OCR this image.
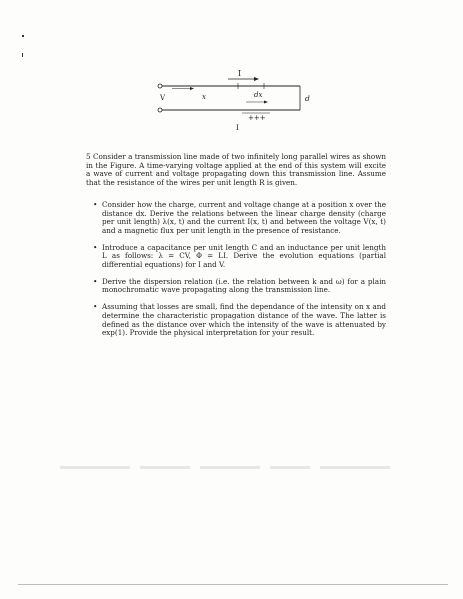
I
V	x	dx	d
+++
I

5 Consider a transmission line made of two infinitely long parallel wires as shown in the Figure. A time-varying voltage applied at the end of this system will excite a wave of current and voltage propagating down this transmission line. Assume that the resistance of the wires per unit length R is given.

• Consider how the charge, current and voltage change at a position x over the distance dx. Derive the relations between the linear charge density (charge per unit length) λ(x, t) and the current I(x, t) and between the voltage V(x, t) and a magnetic flux per unit length in the presence of resistance.
• Introduce a capacitance per unit length C and an inductance per unit length L as follows: λ = CV, Φ = LI. Derive the evolution equations (partial differential equations) for I and V.
• Derive the dispersion relation (i.e. the relation between k and ω) for a plain monochromatic wave propagating along the transmission line.
• Assuming that losses are small, find the dependance of the intensity on x and determine the characteristic propagation distance of the wave. The latter is defined as the distance over which the intensity of the wave is attenuated by exp(1). Provide the physical interpretation for your result.
